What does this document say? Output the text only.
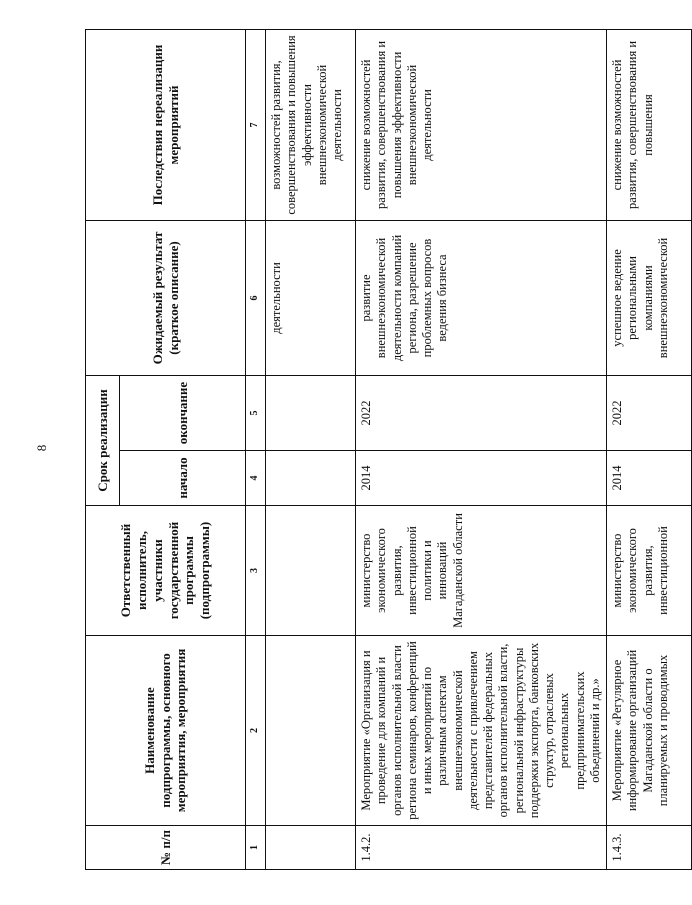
8
№ п/п	Наименование подпрограммы, основного мероприятия, мероприятия	Ответственный исполнитель, участники государственной программы (подпрограммы)	Срок реализации		Ожидаемый результат (краткое описание)	Последствия нереализации мероприятий
			начало	окончание		
1	2	3	4	5	6	7
					деятельности	возможностей развития, совершенствования и повышения эффективности внешнеэкономической деятельности
1.4.2.	Мероприятие «Организация и проведение для компаний и органов исполнительной власти региона семинаров, конференций и иных мероприятий по различным аспектам внешнеэкономической деятельности с привлечением представителей федеральных органов исполнительной власти, региональной инфраструктуры поддержки экспорта, банковских структур, отраслевых региональных предпринимательских объединений и др.»	министерство экономического развития, инвестиционной политики и инноваций Магаданской области	2014	2022	развитие внешнеэкономической деятельности компаний региона, разрешение проблемных вопросов ведения бизнеса	снижение возможностей развития, совершенствования и повышения эффективности внешнеэкономической деятельности
1.4.3.	Мероприятие «Регулярное информирование организаций Магаданской области о планируемых и проводимых	министерство экономического развития, инвестиционной	2014	2022	успешное ведение региональными компаниями внешнеэкономической	снижение возможностей развития, совершенствования и повышения
